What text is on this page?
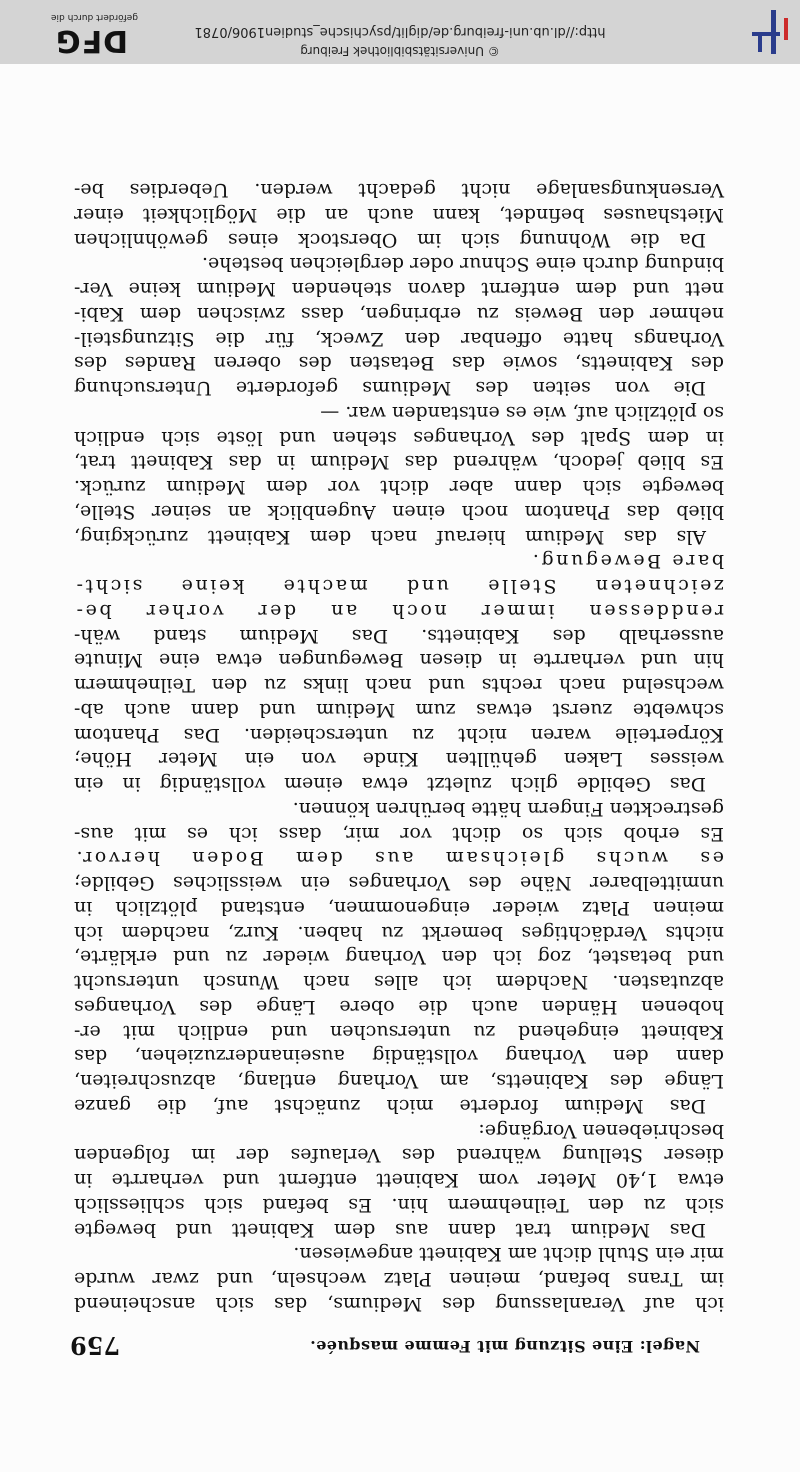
Nagel: Eine Sitzung mit Femme masquée.
759
ich auf Veranlassung des Mediums, das sich anscheinend
im Trans befand, meinen Platz wechseln, und zwar wurde
mir ein Stuhl dicht am Kabinett angewiesen.
Das Medium trat dann aus dem Kabinett und bewegte
sich zu den Teilnehmern hin. Es befand sich schliesslich
etwa 1,40 Meter vom Kabinett entfernt und verharrte in
dieser Stellung während des Verlaufes der im folgenden
beschriebenen Vorgänge:
Das Medium forderte mich zunächst auf, die ganze
Länge des Kabinetts, am Vorhang entlang, abzuschreiten,
dann den Vorhang vollständig auseinanderzuziehen, das
Kabinett eingehend zu untersuchen und endlich mit er-
hobenen Händen auch die obere Länge des Vorhanges
abzutasten. Nachdem ich alles nach Wunsch untersucht
und betastet, zog ich den Vorhang wieder zu und erklärte,
nichts Verdächtiges bemerkt zu haben. Kurz, nachdem ich
meinen Platz wieder eingenommen, entstand plötzlich in
unmittelbarer Nähe des Vorhanges ein weissliches Gebilde;
es wuchs gleichsam aus dem Boden hervor.
Es erhob sich so dicht vor mir, dass ich es mit aus-
gestreckten Fingern hätte berühren können.
Das Gebilde glich zuletzt etwa einem vollständig in ein
weisses Laken gehüllten Kinde von ein Meter Höhe;
Körperteile waren nicht zu unterscheiden. Das Phantom
schwebte zuerst etwas zum Medium und dann auch ab-
wechselnd nach rechts und nach links zu den Teilnehmern
hin und verharrte in diesen Bewegungen etwa eine Minute
ausserhalb des Kabinetts. Das Medium stand wäh-
renddessen immer noch an der vorher be-
zeichneten Stelle und machte keine sicht-
bare Bewegung.
Als das Medium hierauf nach dem Kabinett zurückging,
blieb das Phantom noch einen Augenblick an seiner Stelle,
bewegte sich dann aber dicht vor dem Medium zurück.
Es blieb jedoch, während das Medium in das Kabinett trat,
in dem Spalt des Vorhanges stehen und löste sich endlich
so plötzlich auf, wie es entstanden war. —
Die von seiten des Mediums geforderte Untersuchung
des Kabinetts, sowie das Betasten des oberen Randes des
Vorhangs hatte offenbar den Zweck, für die Sitzungsteil-
nehmer den Beweis zu erbringen, dass zwischen dem Kabi-
nett und dem entfernt davon stehenden Medium keine Ver-
bindung durch eine Schnur oder dergleichen bestehe.
Da die Wohnung sich im Oberstock eines gewöhnlichen
Mietshauses befindet, kann auch an die Möglichkeit einer
Versenkungsanlage nicht gedacht werden. Ueberdies be-
DFG
gefördert durch die
© Universitätsbibliothek Freiburg
http://dl.ub.uni-freiburg.de/diglit/psychische_studien1906/0781
